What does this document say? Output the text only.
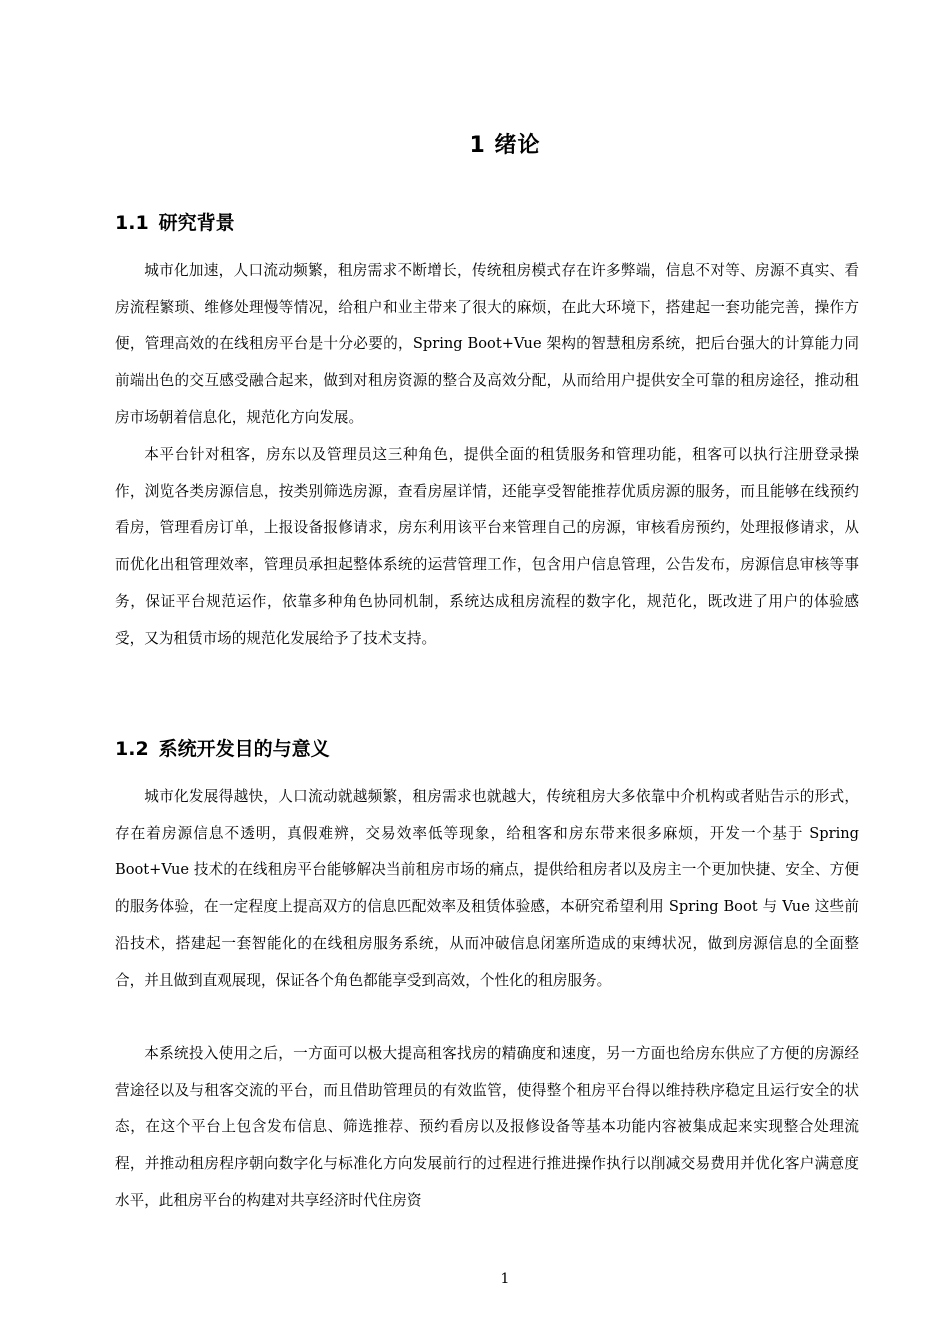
1 绪论
1.1 研究背景

城市化加速，人口流动频繁，租房需求不断增长，传统租房模式存在许多弊端，信息不对等、房源不真实、看房流程繁琐、维修处理慢等情况，给租户和业主带来了很大的麻烦，在此大环境下，搭建起一套功能完善，操作方便，管理高效的在线租房平台是十分必要的，Spring Boot+Vue 架构的智慧租房系统，把后台强大的计算能力同前端出色的交互感受融合起来，做到对租房资源的整合及高效分配，从而给用户提供安全可靠的租房途径，推动租房市场朝着信息化，规范化方向发展。

本平台针对租客，房东以及管理员这三种角色，提供全面的租赁服务和管理功能，租客可以执行注册登录操作，浏览各类房源信息，按类别筛选房源，查看房屋详情，还能享受智能推荐优质房源的服务，而且能够在线预约看房，管理看房订单，上报设备报修请求，房东利用该平台来管理自己的房源，审核看房预约，处理报修请求，从而优化出租管理效率，管理员承担起整体系统的运营管理工作，包含用户信息管理，公告发布，房源信息审核等事务，保证平台规范运作，依靠多种角色协同机制，系统达成租房流程的数字化，规范化，既改进了用户的体验感受，又为租赁市场的规范化发展给予了技术支持。

1.2 系统开发目的与意义

城市化发展得越快，人口流动就越频繁，租房需求也就越大，传统租房大多依靠中介机构或者贴告示的形式，存在着房源信息不透明，真假难辨，交易效率低等现象，给租客和房东带来很多麻烦，开发一个基于 Spring Boot+Vue 技术的在线租房平台能够解决当前租房市场的痛点，提供给租房者以及房主一个更加快捷、安全、方便的服务体验，在一定程度上提高双方的信息匹配效率及租赁体验感，本研究希望利用 Spring Boot 与 Vue 这些前沿技术，搭建起一套智能化的在线租房服务系统，从而冲破信息闭塞所造成的束缚状况，做到房源信息的全面整合，并且做到直观展现，保证各个角色都能享受到高效，个性化的租房服务。

本系统投入使用之后，一方面可以极大提高租客找房的精确度和速度，另一方面也给房东供应了方便的房源经营途径以及与租客交流的平台，而且借助管理员的有效监管，使得整个租房平台得以维持秩序稳定且运行安全的状态，在这个平台上包含发布信息、筛选推荐、预约看房以及报修设备等基本功能内容被集成起来实现整合处理流程，并推动租房程序朝向数字化与标准化方向发展前行的过程进行推进操作执行以削减交易费用并优化客户满意度水平，此租房平台的构建对共享经济时代住房资

1
